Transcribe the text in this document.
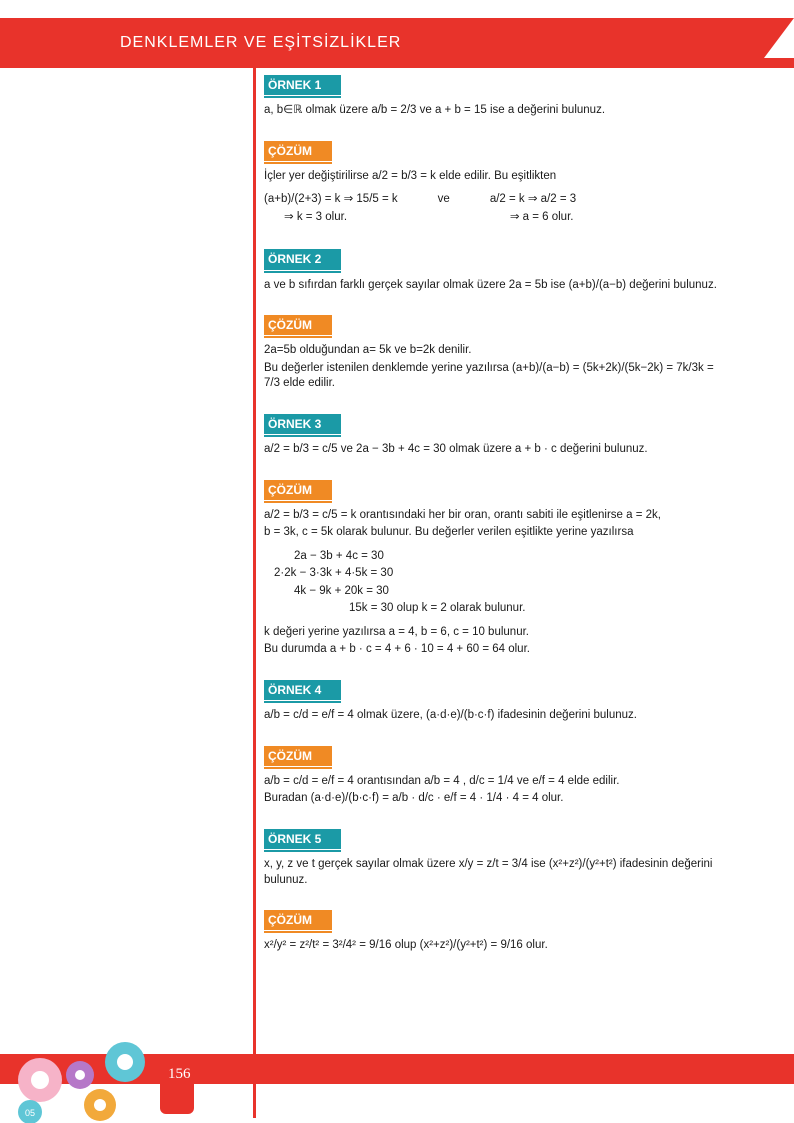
DENKLEMLER VE EŞİTSİZLİKLER
ÖRNEK 1
a, b∈ℝ olmak üzere a/b = 2/3 ve a + b = 15 ise a değerini bulunuz.
ÇÖZÜM
İçler yer değiştirilirse a/2 = b/3 = k elde edilir. Bu eşitlikten
(a+b)/(2+3) = k ⇒ 15/5 = k
⇒ k = 3 olur.
ve	a/2 = k ⇒ a/2 = 3
⇒ a = 6 olur.
ÖRNEK 2
a ve b sıfırdan farklı gerçek sayılar olmak üzere 2a = 5b ise (a+b)/(a−b) değerini bulunuz.
ÇÖZÜM
2a=5b olduğundan a= 5k ve b=2k denilir.
Bu değerler istenilen denklemde yerine yazılırsa (a+b)/(a−b) = (5k+2k)/(5k−2k) = 7k/3k = 7/3 elde edilir.
ÖRNEK 3
a/2 = b/3 = c/5 ve 2a − 3b + 4c = 30 olmak üzere a + b · c değerini bulunuz.
ÇÖZÜM
a/2 = b/3 = c/5 = k orantısındaki her bir oran, orantı sabiti ile eşitlenirse a = 2k,
b = 3k, c = 5k olarak bulunur. Bu değerler verilen eşitlikte yerine yazılırsa
2a − 3b + 4c = 30
2·2k − 3·3k + 4·5k = 30
4k − 9k + 20k = 30
15k = 30 olup k = 2 olarak bulunur.
k değeri yerine yazılırsa a = 4, b = 6, c = 10 bulunur.
Bu durumda a + b · c = 4 + 6 · 10 = 4 + 60 = 64 olur.
ÖRNEK 4
a/b = c/d = e/f = 4 olmak üzere, (a·d·e)/(b·c·f) ifadesinin değerini bulunuz.
ÇÖZÜM
a/b = c/d = e/f = 4 orantısından a/b = 4 , d/c = 1/4 ve e/f = 4 elde edilir.
Buradan (a·d·e)/(b·c·f) = a/b · d/c · e/f = 4 · 1/4 · 4 = 4 olur.
ÖRNEK 5
x, y, z ve t gerçek sayılar olmak üzere x/y = z/t = 3/4 ise (x²+z²)/(y²+t²) ifadesinin değerini bulunuz.
ÇÖZÜM
x²/y² = z²/t² = 3²/4² = 9/16 olup (x²+z²)/(y²+t²) = 9/16 olur.
156
05
